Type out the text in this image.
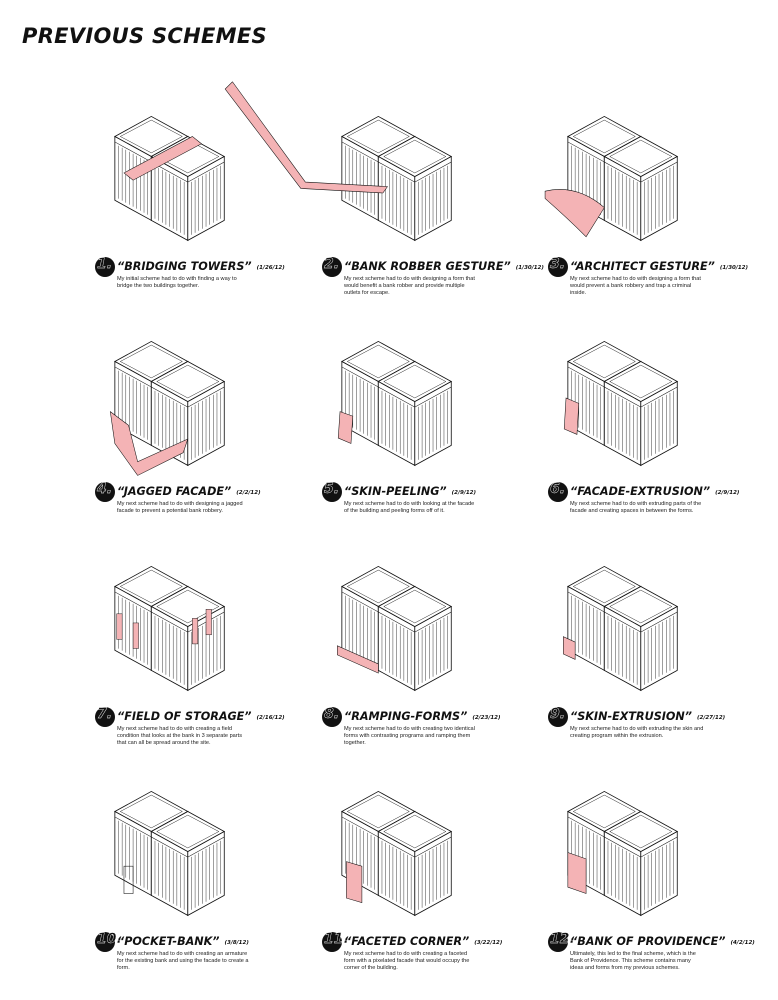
PREVIOUS SCHEMES
1. “BRIDGING TOWERS” (1/26/12)

My initial scheme had to do with finding a way to bridge the two buildings together.

2. “BANK ROBBER GESTURE” (1/30/12)

My next scheme had to do with designing a form that would benefit a bank robber and provide multiple outlets for escape.

3. “ARCHITECT GESTURE” (1/30/12)

My next scheme had to do with designing a form that would prevent a bank robbery and trap a criminal inside.

4. “JAGGED FACADE” (2/2/12)

My next scheme had to do with designing a jagged facade to prevent a potential bank robbery.

5. “SKIN-PEELING” (2/9/12)

My next scheme had to do with looking at the facade of the building and peeling forms off of it.

6. “FACADE-EXTRUSION” (2/9/12)

My next scheme had to do with extruding parts of the facade and creating spaces in between the forms.

7. “FIELD OF STORAGE” (2/16/12)

My next scheme had to do with creating a field condition that looks at the bank in 3 separate parts that can all be spread around the site.

8. “RAMPING-FORMS” (2/23/12)

My next scheme had to do with creating two identical forms with contrasting programs and ramping them together.

9. “SKIN-EXTRUSION” (2/27/12)

My next scheme had to do with extruding the skin and creating program within the extrusion.

10.
“POCKET-BANK” (3/8/12)

My next scheme had to do with creating an armature for the existing bank and using the facade to create a form.

11.
“FACETED CORNER” (3/22/12)

My next scheme had to do with creating a faceted form with a pixelated facade that would occupy the corner of the building.

12.
“BANK OF PROVIDENCE” (4/2/12)

Ultimately, this led to the final scheme, which is the Bank of Providence. This scheme contains many ideas and forms from my previous schemes.
